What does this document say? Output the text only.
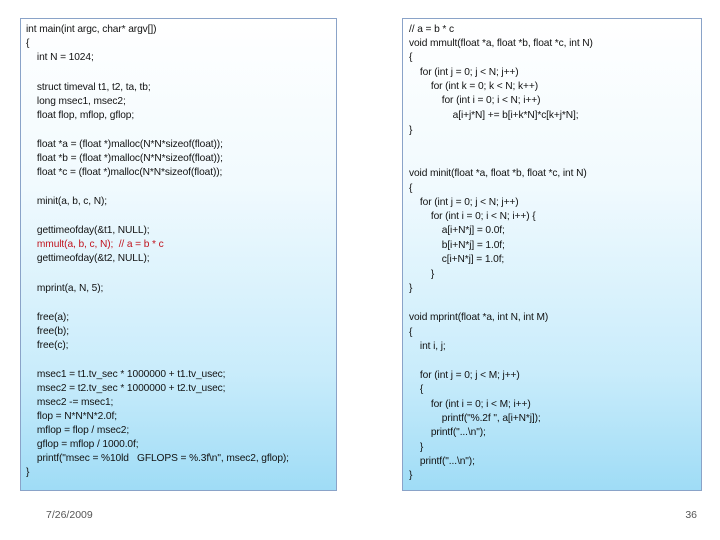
int main(int argc, char* argv[])
{
int N = 1024;
struct timeval t1, t2, ta, tb;
long msec1, msec2;
float flop, mflop, gflop;
float *a = (float *)malloc(N*N*sizeof(float));
float *b = (float *)malloc(N*N*sizeof(float));
float *c = (float *)malloc(N*N*sizeof(float));
minit(a, b, c, N);
gettimeofday(&t1, NULL);
mmult(a, b, c, N);  // a = b * c
gettimeofday(&t2, NULL);
mprint(a, N, 5);
free(a);
free(b);
free(c);
msec1 = t1.tv_sec * 1000000 + t1.tv_usec;
msec2 = t2.tv_sec * 1000000 + t2.tv_usec;
msec2 -= msec1;
flop = N*N*N*2.0f;
mflop = flop / msec2;
gflop = mflop / 1000.0f;
printf("msec = %10ld   GFLOPS = %.3f\n", msec2, gflop);
}
// a = b * c
void mmult(float *a, float *b, float *c, int N)
{
for (int j = 0; j < N; j++)
for (int k = 0; k < N; k++)
for (int i = 0; i < N; i++)
a[i+j*N] += b[i+k*N]*c[k+j*N];
}
void minit(float *a, float *b, float *c, int N)
{
for (int j = 0; j < N; j++)
for (int i = 0; i < N; i++) {
a[i+N*j] = 0.0f;
b[i+N*j] = 1.0f;
c[i+N*j] = 1.0f;
}
}
void mprint(float *a, int N, int M)
{
int i, j;
for (int j = 0; j < M; j++)
{
for (int i = 0; i < M; i++)
printf("%.2f ", a[i+N*j]);
printf("...\n");
}
printf("...\n");
}
7/26/2009	36
